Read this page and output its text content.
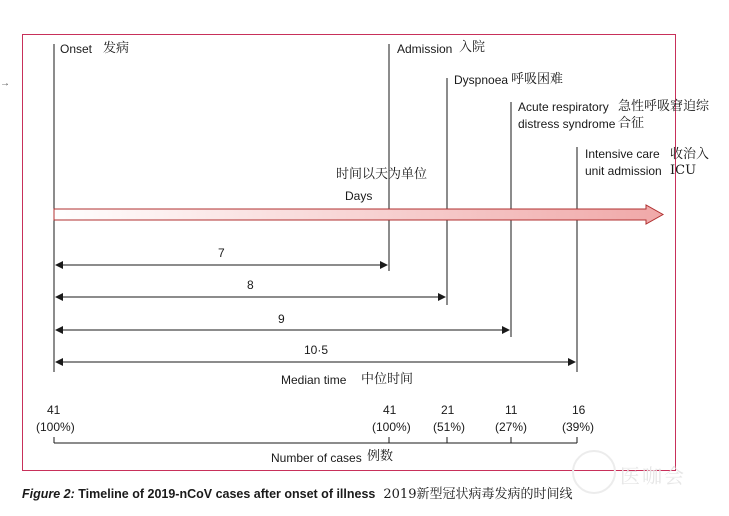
→
Onset 发病	Admission 入院
Dyspnoea 呼吸困难
Acute respiratory
distress syndrome
急性呼吸窘迫综
合征
Intensive care
unit admission
收治入
ICU
时间以天为单位
Days
7
8
9
10·5
Median time 中位时间
41
(100%)
41
(100%)
21
(51%)
11
(27%)
16
(39%)
Number of cases 例数
医咖会
Figure 2: Timeline of 2019-nCoV cases after onset of illness 2019新型冠状病毒发病的时间线
